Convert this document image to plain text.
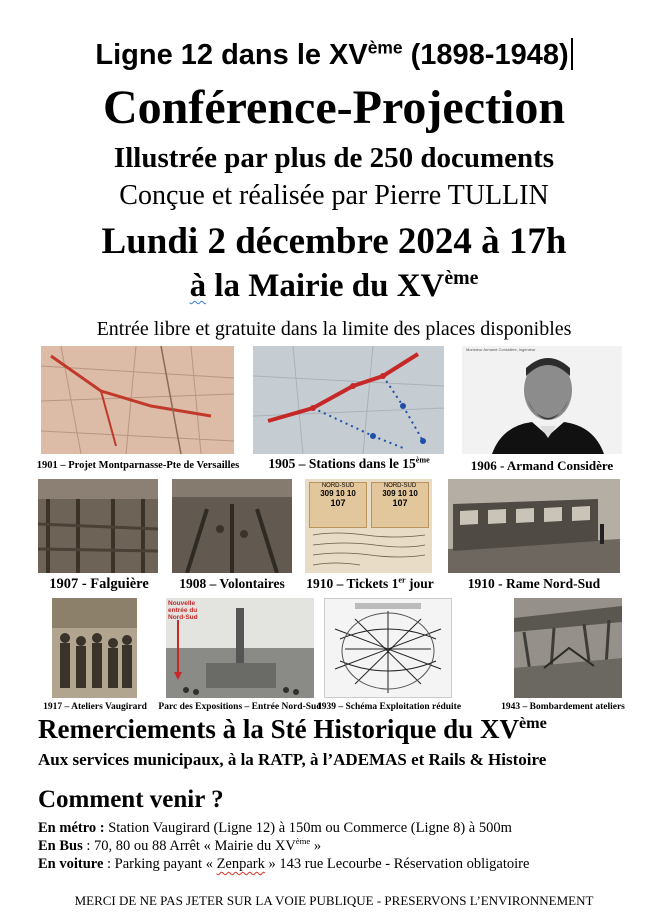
Ligne 12 dans le XVème (1898-1948)
Conférence-Projection
Illustrée par plus de 250 documents
Conçue et réalisée par Pierre TULLIN
Lundi 2 décembre 2024 à 17h
à la Mairie du XVème
Entrée libre et gratuite dans la limite des places disponibles
1901 – Projet Montparnasse-Pte de Versailles	1905 – Stations dans le 15ème
Monsieur Armand Considère, ingénieur
1906 - Armand Considère
1907 - Falguière	1908 – Volontaires
NORD-SUD
309 10 10
107
NORD-SUD
309 10 10
107
1910 – Tickets 1er jour	1910 - Rame Nord-Sud
1917 – Ateliers Vaugirard
Nouvelle entrée du Nord-Sud
Parc des Expositions – Entrée Nord-Sud
1939 – Schéma Exploitation réduite	1943 – Bombardement ateliers
Remerciements à la Sté Historique du XVème
Aux services municipaux, à la RATP, à l’ADEMAS et Rails & Histoire
Comment venir ?
En métro : Station Vaugirard (Ligne 12) à 150m ou Commerce (Ligne 8) à 500m
En Bus : 70, 80 ou 88 Arrêt « Mairie du XVème »
En voiture : Parking payant « Zenpark » 143 rue Lecourbe - Réservation obligatoire
MERCI DE NE PAS JETER SUR LA VOIE PUBLIQUE - PRESERVONS L’ENVIRONNEMENT
